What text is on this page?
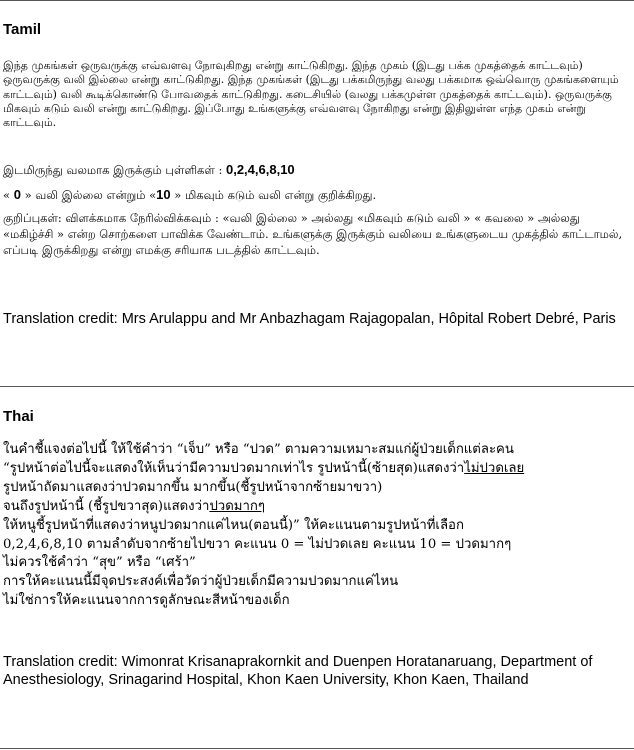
Tamil

இந்த முகங்கள் ஒருவருக்கு எவ்வளவு நோவுகிறது என்று காட்டுகிறது. இந்த முகம் (இடது பக்க முகத்தைக் காட்டவும்) ஒருவருக்கு வலி இல்லை என்று காட்டுகிறது. இந்த முகங்கள் (இடது பக்கமிருந்து வலது பக்கமாக ஒவ்வொரு முகங்களையும் காட்டவும்) வலி கூடிக்கொண்டு போவதைக் காட்டுகிறது. கடைசியில் (வலது பக்கமுள்ள முகத்தைக் காட்டவும்). ஒருவருக்கு மிகவும் கடும் வலி என்று காட்டுகிறது. இப்போது உங்களுக்கு எவ்வளவு நோகிறது என்று இதிலுள்ள எந்த முகம் என்று காட்டவும்.

இடமிருந்து வலமாக இருக்கும் புள்ளிகள் : 0,2,4,6,8,10

« 0 » வலி இல்லை என்றும் «10 » மிகவும் கடும் வலி என்று குறிக்கிறது.

குறிப்புகள்: விளக்கமாக நேரில்விக்கவும் : «வலி இல்லை » அல்லது «மிகவும் கடும் வலி » « கவலை » அல்லது «மகிழ்ச்சி » என்ற சொற்களை பாவிக்க வேண்டாம். உங்களுக்கு இருக்கும் வலியை உங்களுடைய முகத்தில் காட்டாமல், எப்படி இருக்கிறது என்று எமக்கு சரியாக படத்தில் காட்டவும்.

Translation credit: Mrs Arulappu and Mr Anbazhagam Rajagopalan, Hôpital Robert Debré, Paris

Thai
ในคำชี้แจงต่อไปนี้ ให้ใช้คำว่า “เจ็บ” หรือ “ปวด” ตามความเหมาะสมแก่ผู้ป่วยเด็กแต่ละคน
“รูปหน้าต่อไปนี้จะแสดงให้เห็นว่ามีความปวดมากเท่าไร รูปหน้านี้(ซ้ายสุด)แสดงว่าไม่ปวดเลย
รูปหน้าถัดมาแสดงว่าปวดมากขึ้น มากขึ้น(ชี้รูปหน้าจากซ้ายมาขวา)
จนถึงรูปหน้านี้ (ชี้รูปขวาสุด)แสดงว่าปวดมากๆ
ให้หนูชี้รูปหน้าที่แสดงว่าหนูปวดมากแค่ไหน(ตอนนี้)” ให้คะแนนตามรูปหน้าที่เลือก
0,2,4,6,8,10 ตามลำดับจากซ้ายไปขวา คะแนน 0 = ไม่ปวดเลย คะแนน 10 = ปวดมากๆ
ไม่ควรใช้คำว่า “สุข” หรือ “เศร้า”
การให้คะแนนนี้มีจุดประสงค์เพื่อวัดว่าผู้ป่วยเด็กมีความปวดมากแค่ไหน
ไม่ใช่การให้คะแนนจากการดูลักษณะสีหน้าของเด็ก

Translation credit: Wimonrat Krisanaprakornkit and Duenpen Horatanaruang, Department of Anesthesiology, Srinagarind Hospital, Khon Kaen University, Khon Kaen, Thailand
